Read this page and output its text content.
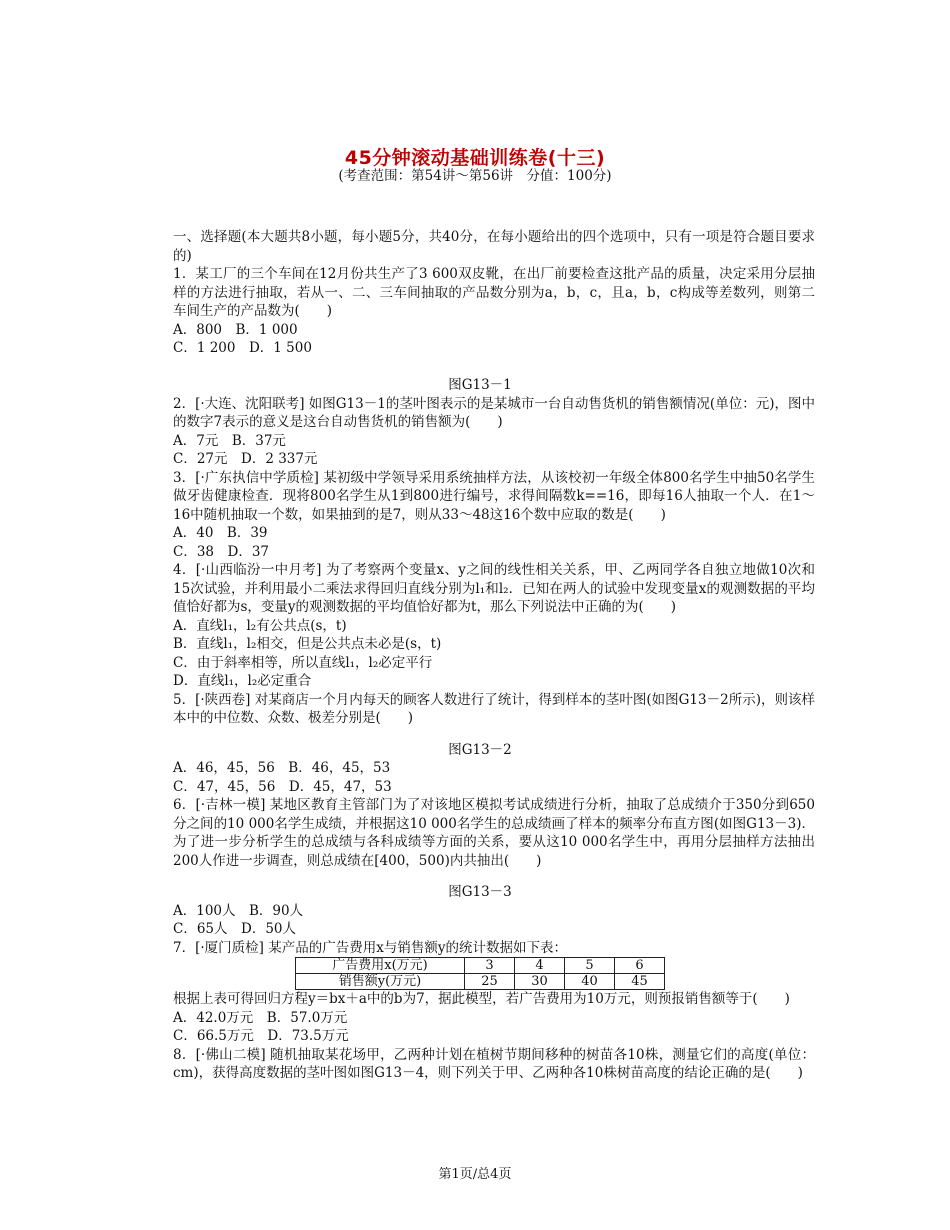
45分钟滚动基础训练卷(十三)
(考查范围：第54讲～第56讲　分值：100分)
一、选择题(本大题共8小题，每小题5分，共40分，在每小题给出的四个选项中，只有一项是符合题目要求的)
1．某工厂的三个车间在12月份共生产了3 600双皮靴，在出厂前要检查这批产品的质量，决定采用分层抽样的方法进行抽取，若从一、二、三车间抽取的产品数分别为a，b，c，且a，b，c构成等差数列，则第二车间生产的产品数为(　　)
A．800　B．1 000
C．1 200　D．1 500
图G13－1
2．[·大连、沈阳联考] 如图G13－1的茎叶图表示的是某城市一台自动售货机的销售额情况(单位：元)，图中的数字7表示的意义是这台自动售货机的销售额为(　　)
A．7元　B．37元
C．27元　D．2 337元
3．[·广东执信中学质检] 某初级中学领导采用系统抽样方法，从该校初一年级全体800名学生中抽50名学生做牙齿健康检查．现将800名学生从1到800进行编号，求得间隔数k==16，即每16人抽取一个人．在1～16中随机抽取一个数，如果抽到的是7，则从33～48这16个数中应取的数是(　　)
A．40　B．39
C．38　D．37
4．[·山西临汾一中月考] 为了考察两个变量x、y之间的线性相关关系，甲、乙两同学各自独立地做10次和15次试验，并利用最小二乘法求得回归直线分别为l₁和l₂．已知在两人的试验中发现变量x的观测数据的平均值恰好都为s，变量y的观测数据的平均值恰好都为t，那么下列说法中正确的为(　　)
A．直线l₁，l₂有公共点(s，t)
B．直线l₁，l₂相交，但是公共点未必是(s，t)
C．由于斜率相等，所以直线l₁，l₂必定平行
D．直线l₁，l₂必定重合
5．[·陕西卷] 对某商店一个月内每天的顾客人数进行了统计，得到样本的茎叶图(如图G13－2所示)，则该样本中的中位数、众数、极差分别是(　　)
图G13－2
A．46，45，56　B．46，45，53
C．47，45，56　D．45，47，53
6．[·吉林一模] 某地区教育主管部门为了对该地区模拟考试成绩进行分析，抽取了总成绩介于350分到650分之间的10 000名学生成绩，并根据这10 000名学生的总成绩画了样本的频率分布直方图(如图G13－3)．为了进一步分析学生的总成绩与各科成绩等方面的关系，要从这10 000名学生中，再用分层抽样方法抽出200人作进一步调查，则总成绩在[400，500)内共抽出(　　)
图G13－3
A．100人　B．90人
C．65人　D．50人
7．[·厦门质检] 某产品的广告费用x与销售额y的统计数据如下表：
广告费用x(万元)	3	4	5	6
销售额y(万元)	25	30	40	45
根据上表可得回归方程y＝bx＋a中的b为7，据此模型，若广告费用为10万元，则预报销售额等于(　　)
A．42.0万元　B．57.0万元
C．66.5万元　D．73.5万元
8．[·佛山二模] 随机抽取某花场甲，乙两种计划在植树节期间移种的树苗各10株，测量它们的高度(单位：cm)，获得高度数据的茎叶图如图G13－4，则下列关于甲、乙两种各10株树苗高度的结论正确的是(　　)
第1页/总4页
